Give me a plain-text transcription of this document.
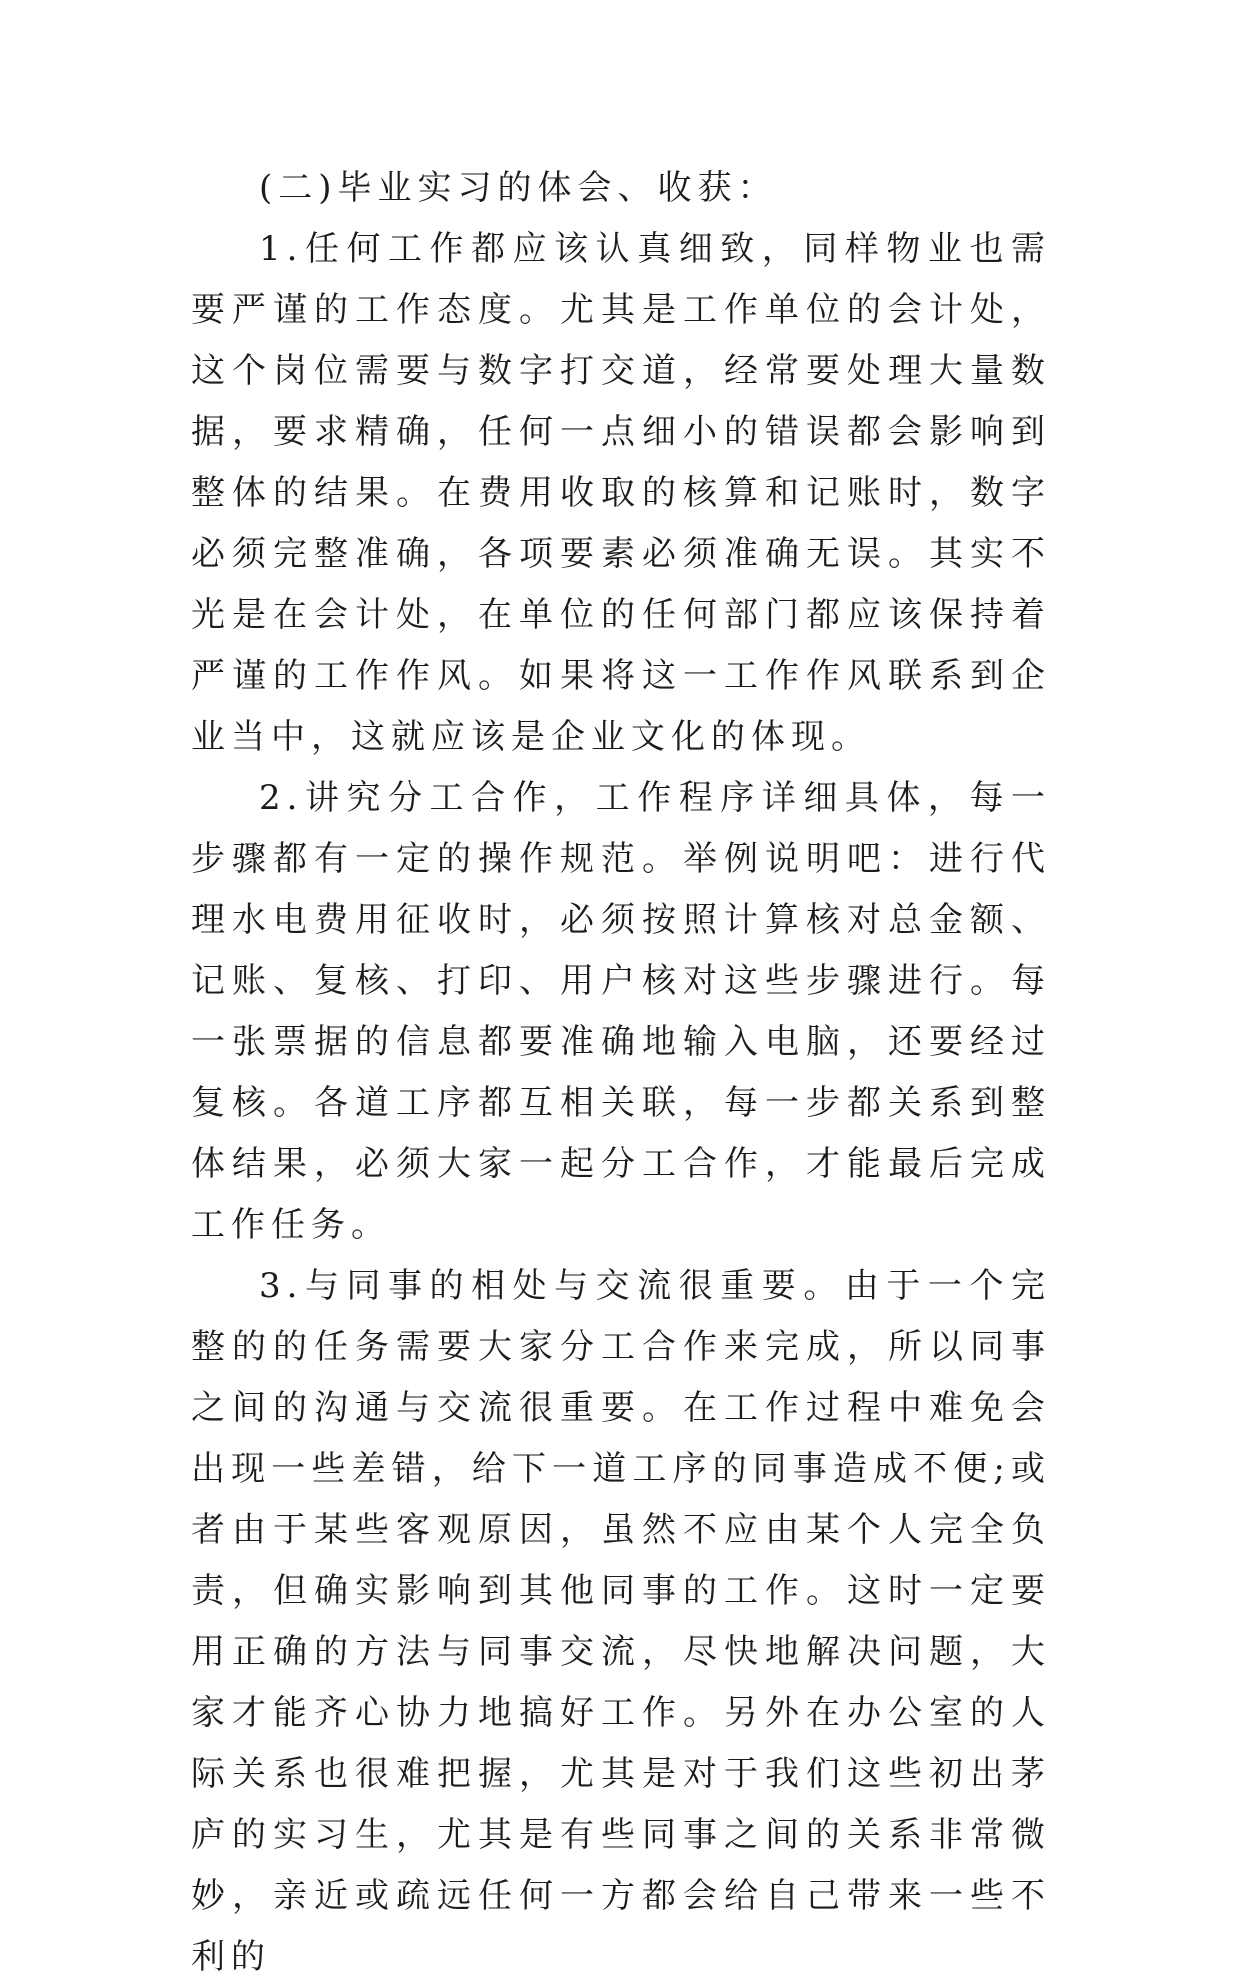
(二)毕业实习的体会、收获：

1.任何工作都应该认真细致，同样物业也需要严谨的工作态度。尤其是工作单位的会计处，这个岗位需要与数字打交道，经常要处理大量数据，要求精确，任何一点细小的错误都会影响到整体的结果。在费用收取的核算和记账时，数字必须完整准确，各项要素必须准确无误。其实不光是在会计处，在单位的任何部门都应该保持着严谨的工作作风。如果将这一工作作风联系到企业当中，这就应该是企业文化的体现。

2.讲究分工合作，工作程序详细具体，每一步骤都有一定的操作规范。举例说明吧：进行代理水电费用征收时，必须按照计算核对总金额、记账、复核、打印、用户核对这些步骤进行。每一张票据的信息都要准确地输入电脑，还要经过复核。各道工序都互相关联，每一步都关系到整体结果，必须大家一起分工合作，才能最后完成工作任务。

3.与同事的相处与交流很重要。由于一个完整的的任务需要大家分工合作来完成，所以同事之间的沟通与交流很重要。在工作过程中难免会出现一些差错，给下一道工序的同事造成不便;或者由于某些客观原因，虽然不应由某个人完全负责，但确实影响到其他同事的工作。这时一定要用正确的方法与同事交流，尽快地解决问题，大家才能齐心协力地搞好工作。另外在办公室的人际关系也很难把握，尤其是对于我们这些初出茅庐的实习生，尤其是有些同事之间的关系非常微妙，亲近或疏远任何一方都会给自己带来一些不利的
